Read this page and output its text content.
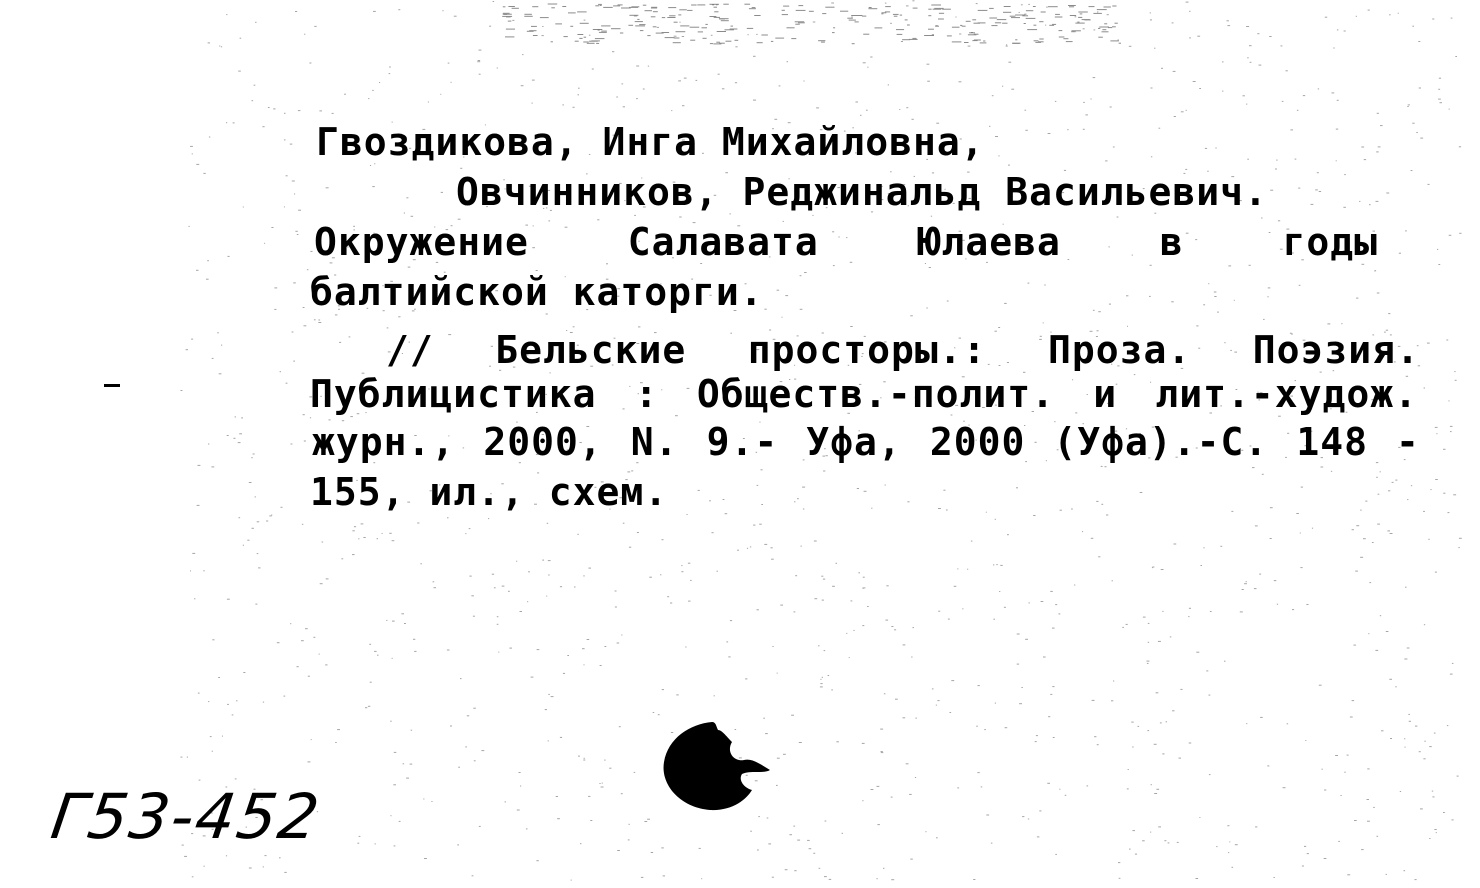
Гвоздикова, Инга Михайловна,
Овчинников, Реджинальд Васильевич.
Окружение	Салавата	Юлаева	в	годы
балтийской каторги.
// Бельские просторы.: Проза. Поэзия.
Публицистика : Обществ.-полит. и лит.-худож.
журн., 2000, N. 9.- Уфа, 2000 (Уфа).-С. 148 -
155, ил., схем.
Г53-452
